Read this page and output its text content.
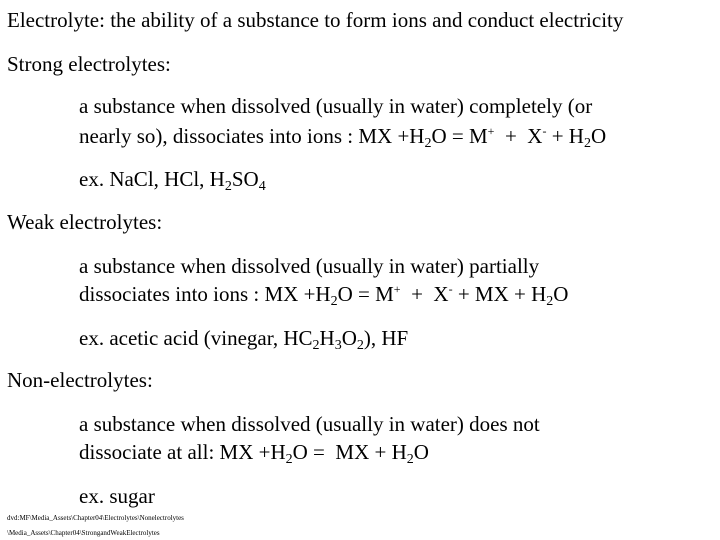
Electrolyte: the ability of a substance to form ions and conduct electricity
Strong electrolytes:
a substance when dissolved (usually in water) completely (or
nearly so), dissociates into ions : MX $+H_2O = M^+ + X^- + H_2O$
ex. NaCl, HCl, $H_2SO_4$
Weak electrolytes:
a substance when dissolved (usually in water) partially
dissociates into ions : MX $+H_2O = M^+ + X^-$ + MX + $H_2O$
ex. acetic acid (vinegar, $HC_2H_3O_2$), HF
Non-electrolytes:
a substance when dissolved (usually in water) does not
dissociate at all: MX $+H_2O$ =  MX + $H_2O$
ex. sugar
dvd:MF\Media_Assets\Chapter04\Electrolytes\Nonelectrolytes
\Media_Assets\Chapter04\StrongandWeakElectrolytes
